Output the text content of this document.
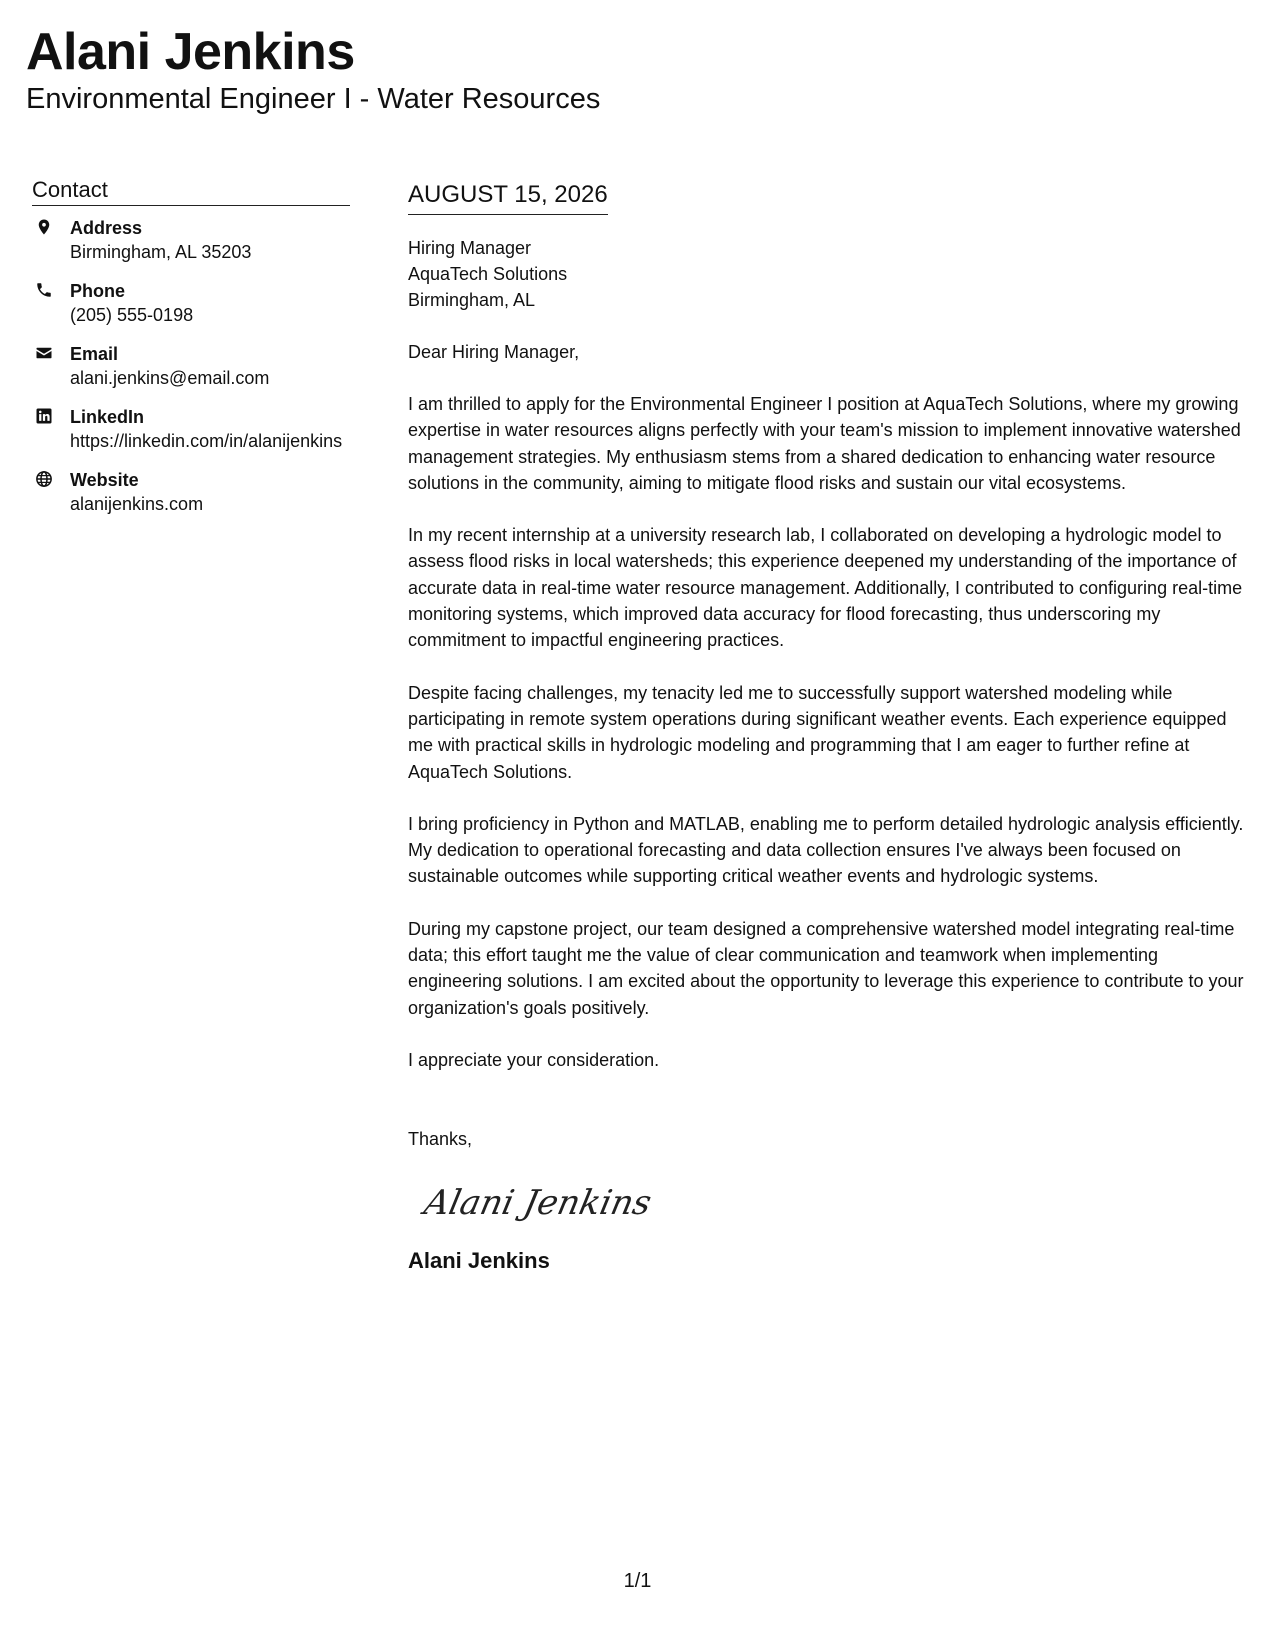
Alani Jenkins
Environmental Engineer I - Water Resources
Contact
Address
Birmingham, AL 35203
Phone
(205) 555-0198
Email
alani.jenkins@email.com
LinkedIn
https://linkedin.com/in/alanijenkins
Website
alanijenkins.com
AUGUST 15, 2026
Hiring Manager
AquaTech Solutions
Birmingham, AL
Dear Hiring Manager,
I am thrilled to apply for the Environmental Engineer I position at AquaTech Solutions, where my growing expertise in water resources aligns perfectly with your team's mission to implement innovative watershed management strategies. My enthusiasm stems from a shared dedication to enhancing water resource solutions in the community, aiming to mitigate flood risks and sustain our vital ecosystems.
In my recent internship at a university research lab, I collaborated on developing a hydrologic model to assess flood risks in local watersheds; this experience deepened my understanding of the importance of accurate data in real-time water resource management. Additionally, I contributed to configuring real-time monitoring systems, which improved data accuracy for flood forecasting, thus underscoring my commitment to impactful engineering practices.
Despite facing challenges, my tenacity led me to successfully support watershed modeling while participating in remote system operations during significant weather events. Each experience equipped me with practical skills in hydrologic modeling and programming that I am eager to further refine at AquaTech Solutions.
I bring proficiency in Python and MATLAB, enabling me to perform detailed hydrologic analysis efficiently. My dedication to operational forecasting and data collection ensures I've always been focused on sustainable outcomes while supporting critical weather events and hydrologic systems.
During my capstone project, our team designed a comprehensive watershed model integrating real-time data; this effort taught me the value of clear communication and teamwork when implementing engineering solutions. I am excited about the opportunity to leverage this experience to contribute to your organization's goals positively.
I appreciate your consideration.
Thanks,
Alani Jenkins
Alani Jenkins
1/1
